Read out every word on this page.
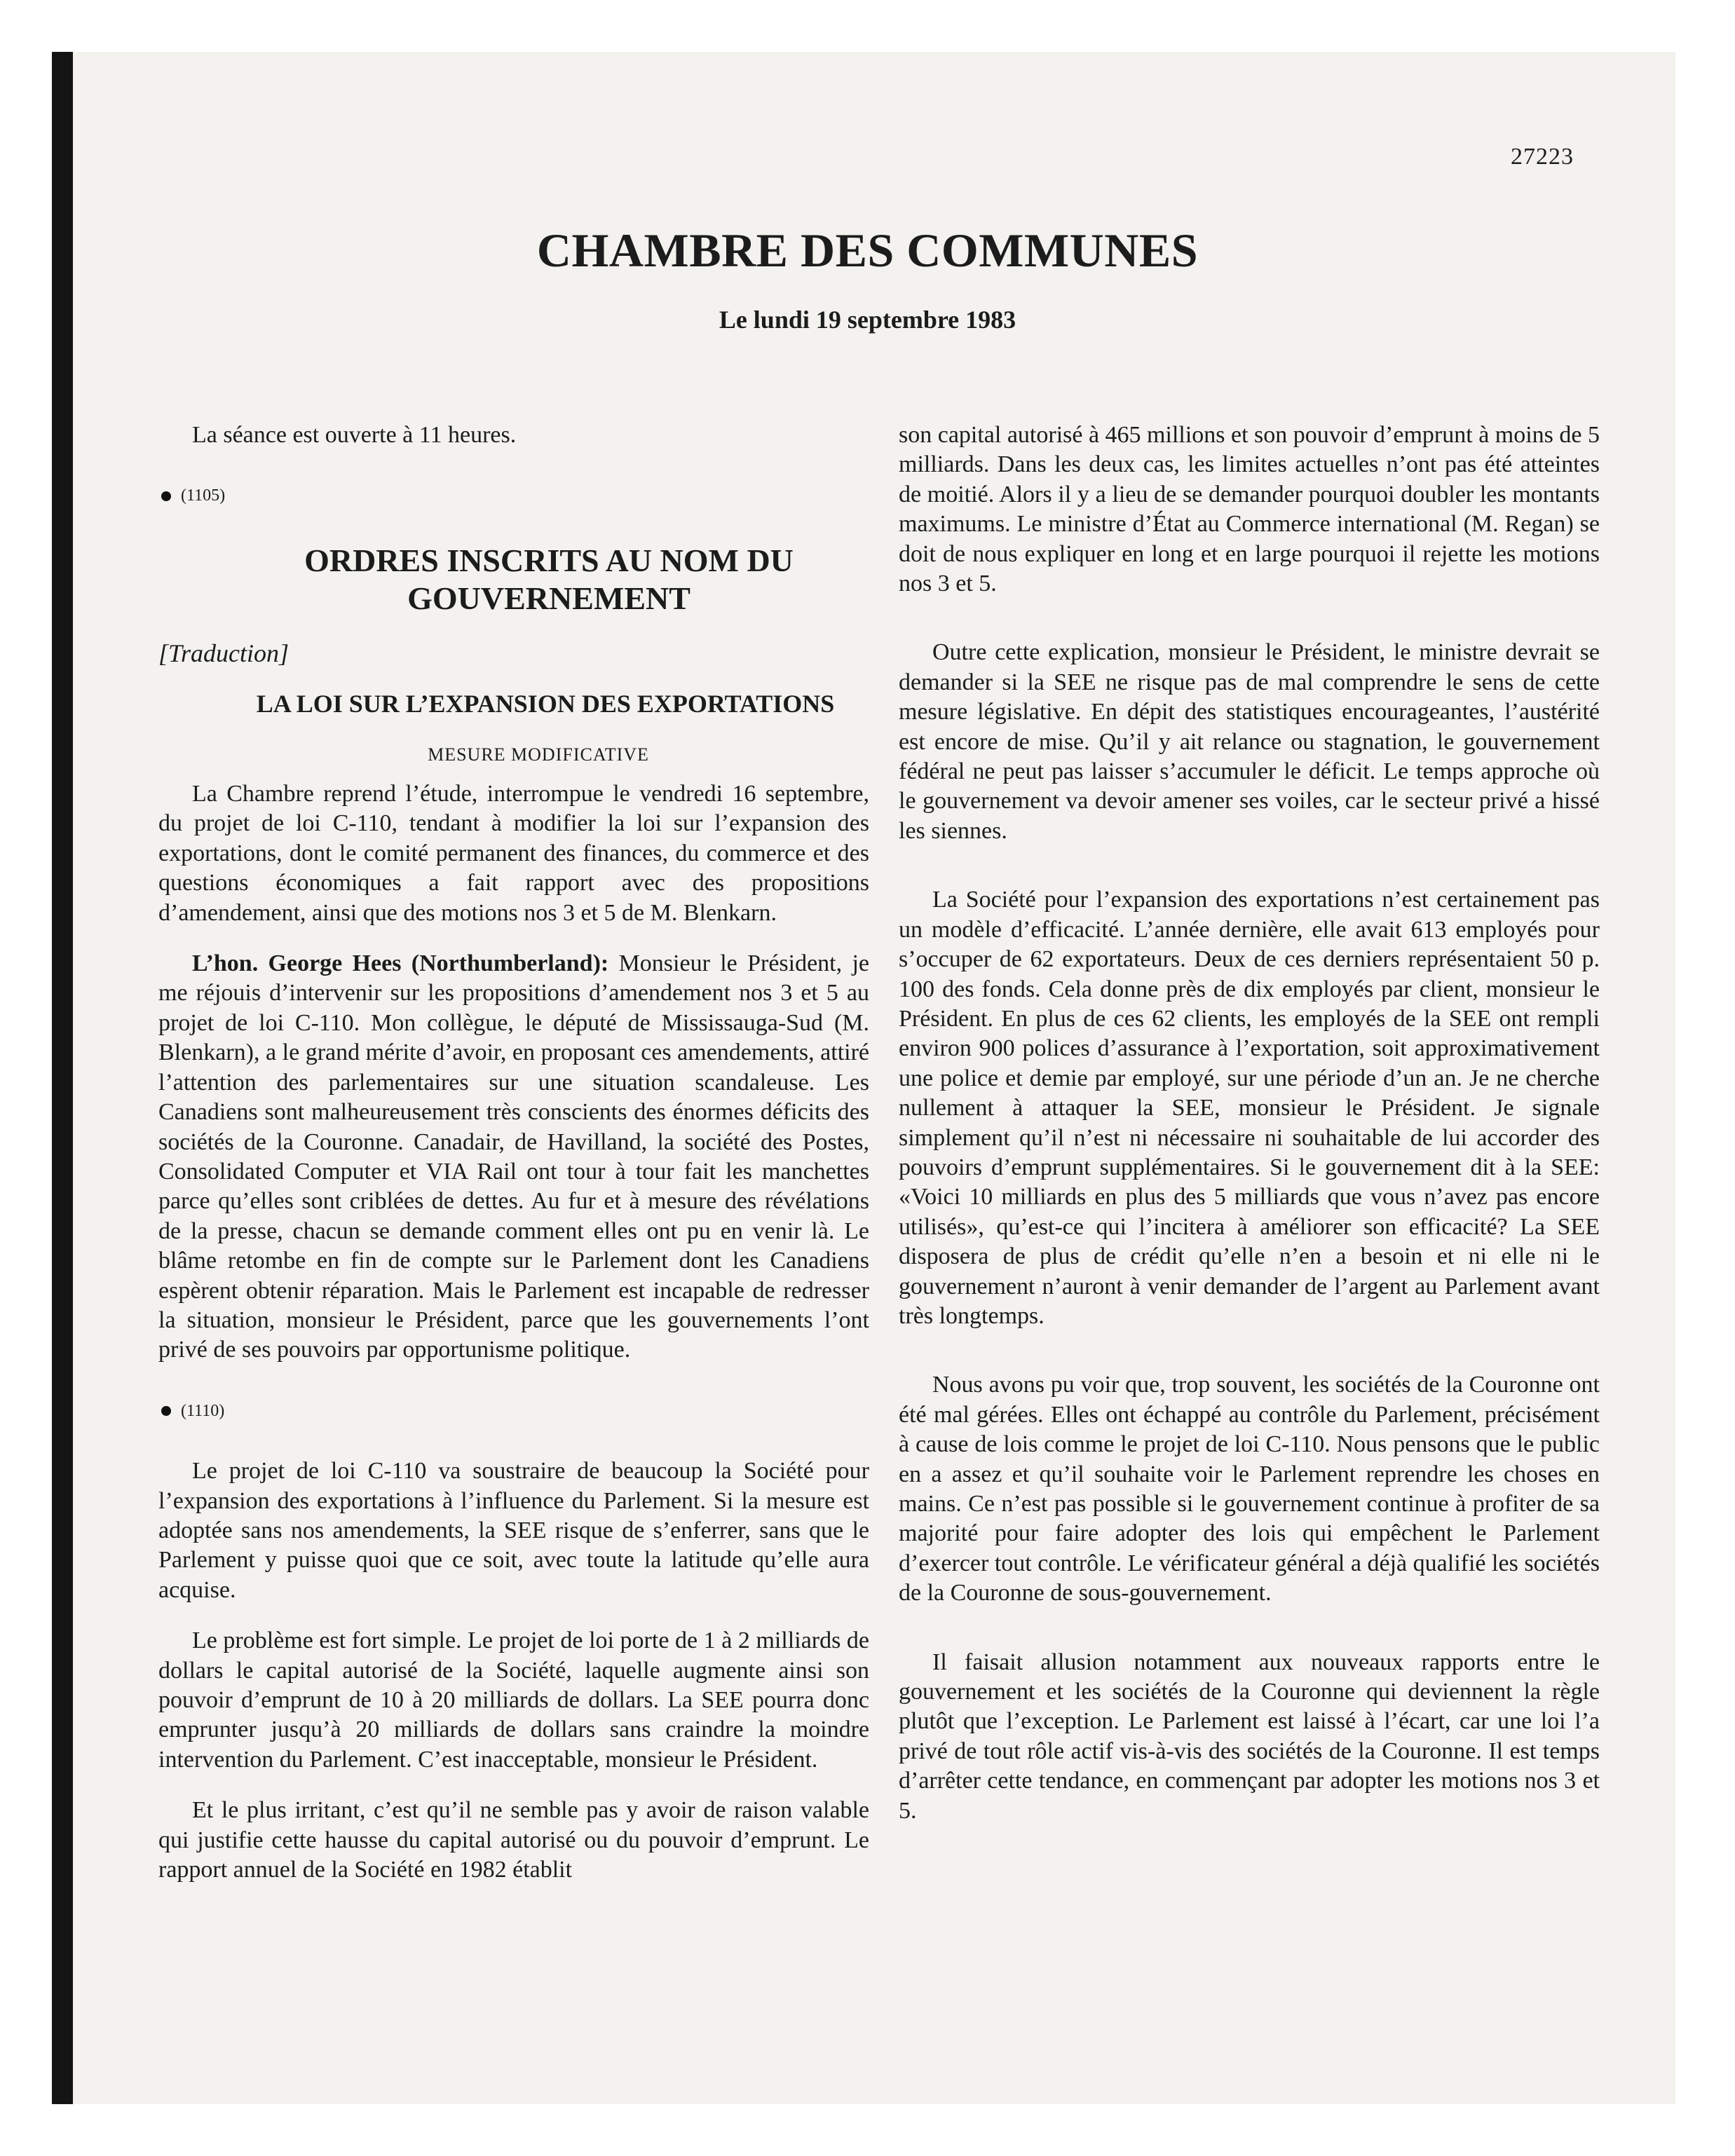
27223
CHAMBRE DES COMMUNES
Le lundi 19 septembre 1983

La séance est ouverte à 11 heures.

(1105)
ORDRES INSCRITS AU NOM DU GOUVERNEMENT
[Traduction]
LA LOI SUR L’EXPANSION DES EXPORTATIONS
MESURE MODIFICATIVE

La Chambre reprend l’étude, interrompue le vendredi 16 septembre, du projet de loi C-110, tendant à modifier la loi sur l’expansion des exportations, dont le comité permanent des finances, du commerce et des questions économiques a fait rapport avec des propositions d’amendement, ainsi que des motions nos 3 et 5 de M. Blenkarn.

L’hon. George Hees (Northumberland): Monsieur le Président, je me réjouis d’intervenir sur les propositions d’amendement nos 3 et 5 au projet de loi C-110. Mon collègue, le député de Mississauga-Sud (M. Blenkarn), a le grand mérite d’avoir, en proposant ces amendements, attiré l’attention des parlementaires sur une situation scandaleuse. Les Canadiens sont malheureusement très conscients des énormes déficits des sociétés de la Couronne. Canadair, de Havilland, la société des Postes, Consolidated Computer et VIA Rail ont tour à tour fait les manchettes parce qu’elles sont criblées de dettes. Au fur et à mesure des révélations de la presse, chacun se demande comment elles ont pu en venir là. Le blâme retombe en fin de compte sur le Parlement dont les Canadiens espèrent obtenir réparation. Mais le Parlement est incapable de redresser la situation, monsieur le Président, parce que les gouvernements l’ont privé de ses pouvoirs par opportunisme politique.

(1110)

Le projet de loi C-110 va soustraire de beaucoup la Société pour l’expansion des exportations à l’influence du Parlement. Si la mesure est adoptée sans nos amendements, la SEE risque de s’enferrer, sans que le Parlement y puisse quoi que ce soit, avec toute la latitude qu’elle aura acquise.

Le problème est fort simple. Le projet de loi porte de 1 à 2 milliards de dollars le capital autorisé de la Société, laquelle augmente ainsi son pouvoir d’emprunt de 10 à 20 milliards de dollars. La SEE pourra donc emprunter jusqu’à 20 milliards de dollars sans craindre la moindre intervention du Parlement. C’est inacceptable, monsieur le Président.

Et le plus irritant, c’est qu’il ne semble pas y avoir de raison valable qui justifie cette hausse du capital autorisé ou du pouvoir d’emprunt. Le rapport annuel de la Société en 1982 établit

son capital autorisé à 465 millions et son pouvoir d’emprunt à moins de 5 milliards. Dans les deux cas, les limites actuelles n’ont pas été atteintes de moitié. Alors il y a lieu de se demander pourquoi doubler les montants maximums. Le ministre d’État au Commerce international (M. Regan) se doit de nous expliquer en long et en large pourquoi il rejette les motions nos 3 et 5.

Outre cette explication, monsieur le Président, le ministre devrait se demander si la SEE ne risque pas de mal comprendre le sens de cette mesure législative. En dépit des statistiques encourageantes, l’austérité est encore de mise. Qu’il y ait relance ou stagnation, le gouvernement fédéral ne peut pas laisser s’accumuler le déficit. Le temps approche où le gouvernement va devoir amener ses voiles, car le secteur privé a hissé les siennes.

La Société pour l’expansion des exportations n’est certainement pas un modèle d’efficacité. L’année dernière, elle avait 613 employés pour s’occuper de 62 exportateurs. Deux de ces derniers représentaient 50 p. 100 des fonds. Cela donne près de dix employés par client, monsieur le Président. En plus de ces 62 clients, les employés de la SEE ont rempli environ 900 polices d’assurance à l’exportation, soit approximativement une police et demie par employé, sur une période d’un an. Je ne cherche nullement à attaquer la SEE, monsieur le Président. Je signale simplement qu’il n’est ni nécessaire ni souhaitable de lui accorder des pouvoirs d’emprunt supplémentaires. Si le gouvernement dit à la SEE: «Voici 10 milliards en plus des 5 milliards que vous n’avez pas encore utilisés», qu’est-ce qui l’incitera à améliorer son efficacité? La SEE disposera de plus de crédit qu’elle n’en a besoin et ni elle ni le gouvernement n’auront à venir demander de l’argent au Parlement avant très longtemps.

Nous avons pu voir que, trop souvent, les sociétés de la Couronne ont été mal gérées. Elles ont échappé au contrôle du Parlement, précisément à cause de lois comme le projet de loi C-110. Nous pensons que le public en a assez et qu’il souhaite voir le Parlement reprendre les choses en mains. Ce n’est pas possible si le gouvernement continue à profiter de sa majorité pour faire adopter des lois qui empêchent le Parlement d’exercer tout contrôle. Le vérificateur général a déjà qualifié les sociétés de la Couronne de sous-gouvernement.

Il faisait allusion notamment aux nouveaux rapports entre le gouvernement et les sociétés de la Couronne qui deviennent la règle plutôt que l’exception. Le Parlement est laissé à l’écart, car une loi l’a privé de tout rôle actif vis-à-vis des sociétés de la Couronne. Il est temps d’arrêter cette tendance, en commençant par adopter les motions nos 3 et 5.
